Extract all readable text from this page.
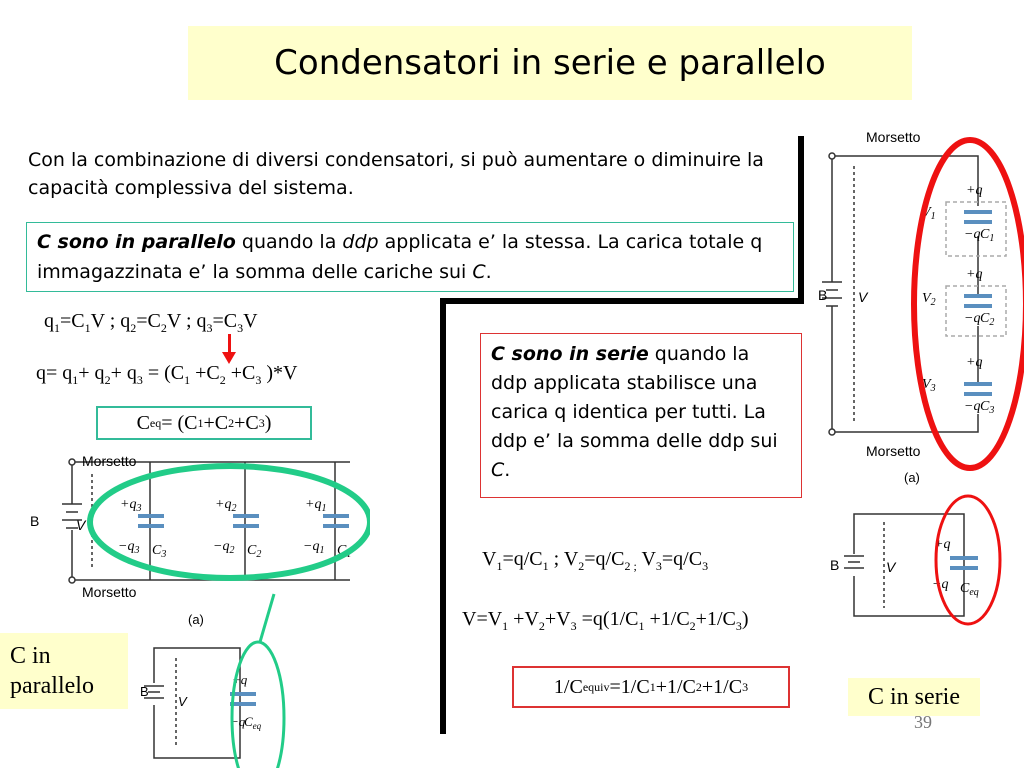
Condensatori in serie e parallelo
Con la combinazione di diversi condensatori, si può aumentare o diminuire la capacità complessiva del sistema.
C sono in parallelo quando la ddp applicata e’ la stessa. La carica totale q immagazzinata e’ la somma delle cariche sui C.
$q_1=C_1V$ ; $q_2=C_2V$ ; $q_3=C_3V$
$q= q_1+ q_2+ q_3 = (C_1 +C_2 +C_3$ )*V
C eq = (C 1 +C 2 +C 3 )
C sono in serie quando la ddp applicata stabilisce una carica q identica per tutti. La ddp e’ la somma delle ddp sui C.
$V_1=q/C_1$ ; $V_2=q/C_{2 ;}$ $V_3=q/C_3$
$V=V_1 +V_2+V_3 =q(1/C_1 +1/C_2+1/C_3)$
1/C equiv =1/C 1 +1/C 2 +1/C 3
C in parallelo	C in serie
39
Morsetto
Morsetto
B	V
(a)
$+q_3$
$-q_3$ $C_3$
$+q_2$
$-q_2$ $C_2$
$+q_1$
$-q_1$ $C_1$
B
V
+q
−q
$C_{eq}$
Morsetto
Morsetto
B V
(a)
+q
$V_1$
−q $C_1$
+q
$V_2$
−q $C_2$
+q
$V_3$
−q $C_3$
B	V
+q
−q $C_{eq}$
